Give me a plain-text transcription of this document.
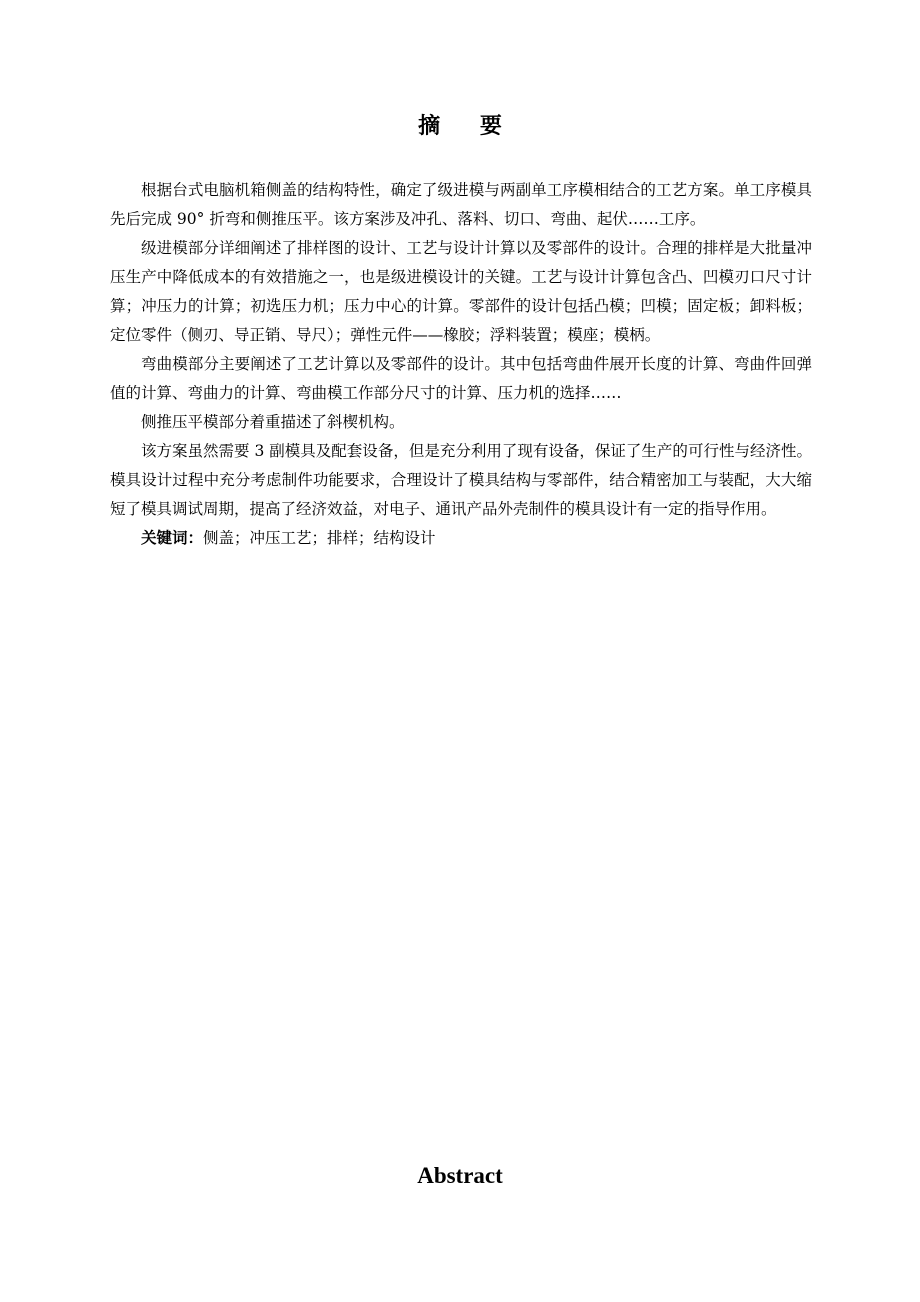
摘 要

根据台式电脑机箱侧盖的结构特性，确定了级进模与两副单工序模相结合的工艺方案。单工序模具先后完成 90° 折弯和侧推压平。该方案涉及冲孔、落料、切口、弯曲、起伏……工序。

级进模部分详细阐述了排样图的设计、工艺与设计计算以及零部件的设计。合理的排样是大批量冲压生产中降低成本的有效措施之一，也是级进模设计的关键。工艺与设计计算包含凸、凹模刃口尺寸计算；冲压力的计算；初选压力机；压力中心的计算。零部件的设计包括凸模；凹模；固定板；卸料板；定位零件（侧刃、导正销、导尺）；弹性元件——橡胶；浮料装置；模座；模柄。

弯曲模部分主要阐述了工艺计算以及零部件的设计。其中包括弯曲件展开长度的计算、弯曲件回弹值的计算、弯曲力的计算、弯曲模工作部分尺寸的计算、压力机的选择……

侧推压平模部分着重描述了斜楔机构。

该方案虽然需要 3 副模具及配套设备，但是充分利用了现有设备，保证了生产的可行性与经济性。模具设计过程中充分考虑制件功能要求，合理设计了模具结构与零部件，结合精密加工与装配，大大缩短了模具调试周期，提高了经济效益，对电子、通讯产品外壳制件的模具设计有一定的指导作用。

关键词：侧盖；冲压工艺；排样；结构设计

Abstract
